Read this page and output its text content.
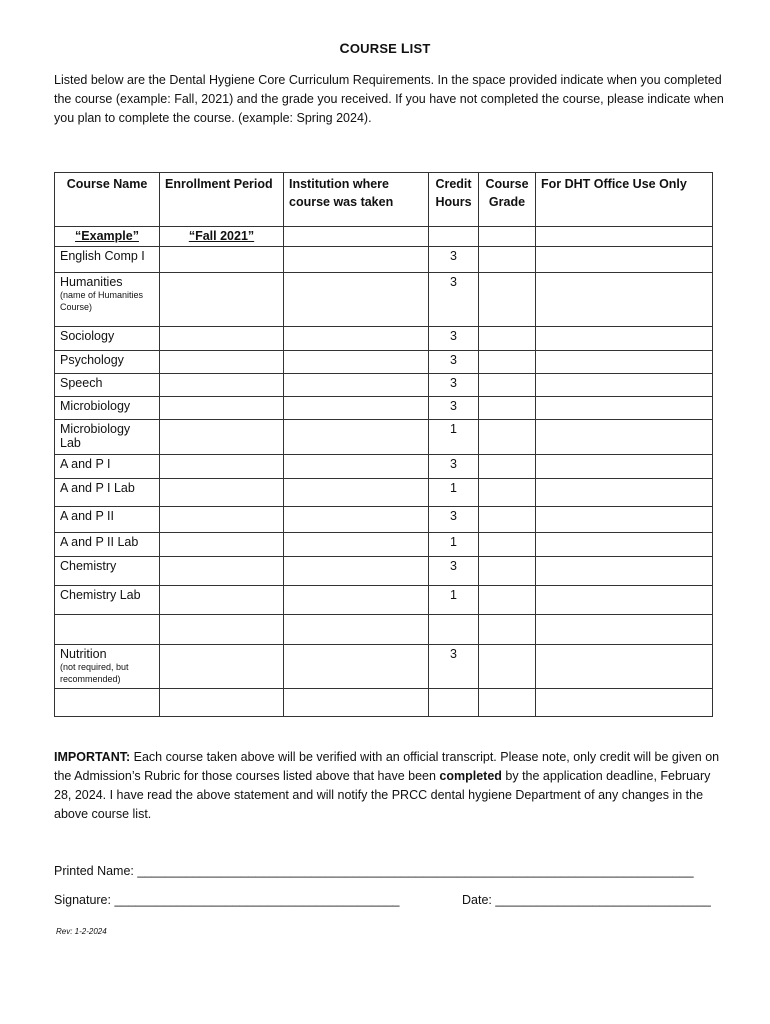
COURSE LIST
Listed below are the Dental Hygiene Core Curriculum Requirements. In the space provided indicate when you completed the course (example: Fall, 2021) and the grade you received. If you have not completed the course, please indicate when you plan to complete the course. (example: Spring 2024).
Course Name	Enrollment Period	Institution where course was taken	Credit Hours	Course Grade	For DHT Office Use Only

“Example”	“Fall 2021”				

English Comp I			3		
Humanities
(name of Humanities Course)			3		
Sociology			3		
Psychology			3		
Speech			3		
Microbiology			3		
Microbiology Lab			1		
A and P I			3		
A and P I Lab			1		
A and P II			3		
A and P II Lab			1		
Chemistry			3		
Chemistry Lab			1		

Nutrition
(not required, but recommended)			3		

IMPORTANT: Each course taken above will be verified with an official transcript. Please note, only credit will be given on the Admission’s Rubric for those courses listed above that have been completed by the application deadline, February 28, 2024. I have read the above statement and will notify the PRCC dental hygiene Department of any changes in the above course list.
Printed Name: ________________________________________________________________________________
Signature: _________________________________________	Date: _______________________________
Rev: 1-2-2024
